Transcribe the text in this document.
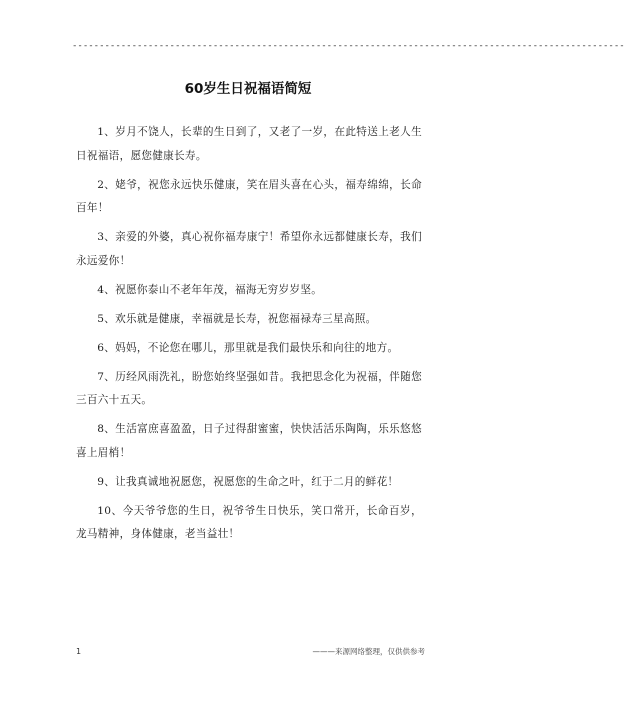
------------------------------------------------------------------------------------------------------
60岁生日祝福语简短

1、岁月不饶人，长辈的生日到了，又老了一岁，在此特送上老人生日祝福语，愿您健康长寿。

2、姥爷，祝您永远快乐健康，笑在眉头喜在心头，福寿绵绵，长命百年！

3、亲爱的外婆，真心祝你福寿康宁！希望你永远都健康长寿，我们永远爱你！

4、祝愿你泰山不老年年茂，福海无穷岁岁坚。

5、欢乐就是健康，幸福就是长寿，祝您福禄寿三星高照。

6、妈妈，不论您在哪儿，那里就是我们最快乐和向往的地方。

7、历经风雨洗礼，盼您始终坚强如昔。我把思念化为祝福，伴随您三百六十五天。

8、生活富庶喜盈盈，日子过得甜蜜蜜，快快活活乐陶陶，乐乐悠悠喜上眉梢！

9、让我真诚地祝愿您，祝愿您的生命之叶，红于二月的鲜花！

10、今天爷爷您的生日，祝爷爷生日快乐，笑口常开，长命百岁，龙马精神，身体健康，老当益壮！

1	———来源网络整理，仅供供参考
